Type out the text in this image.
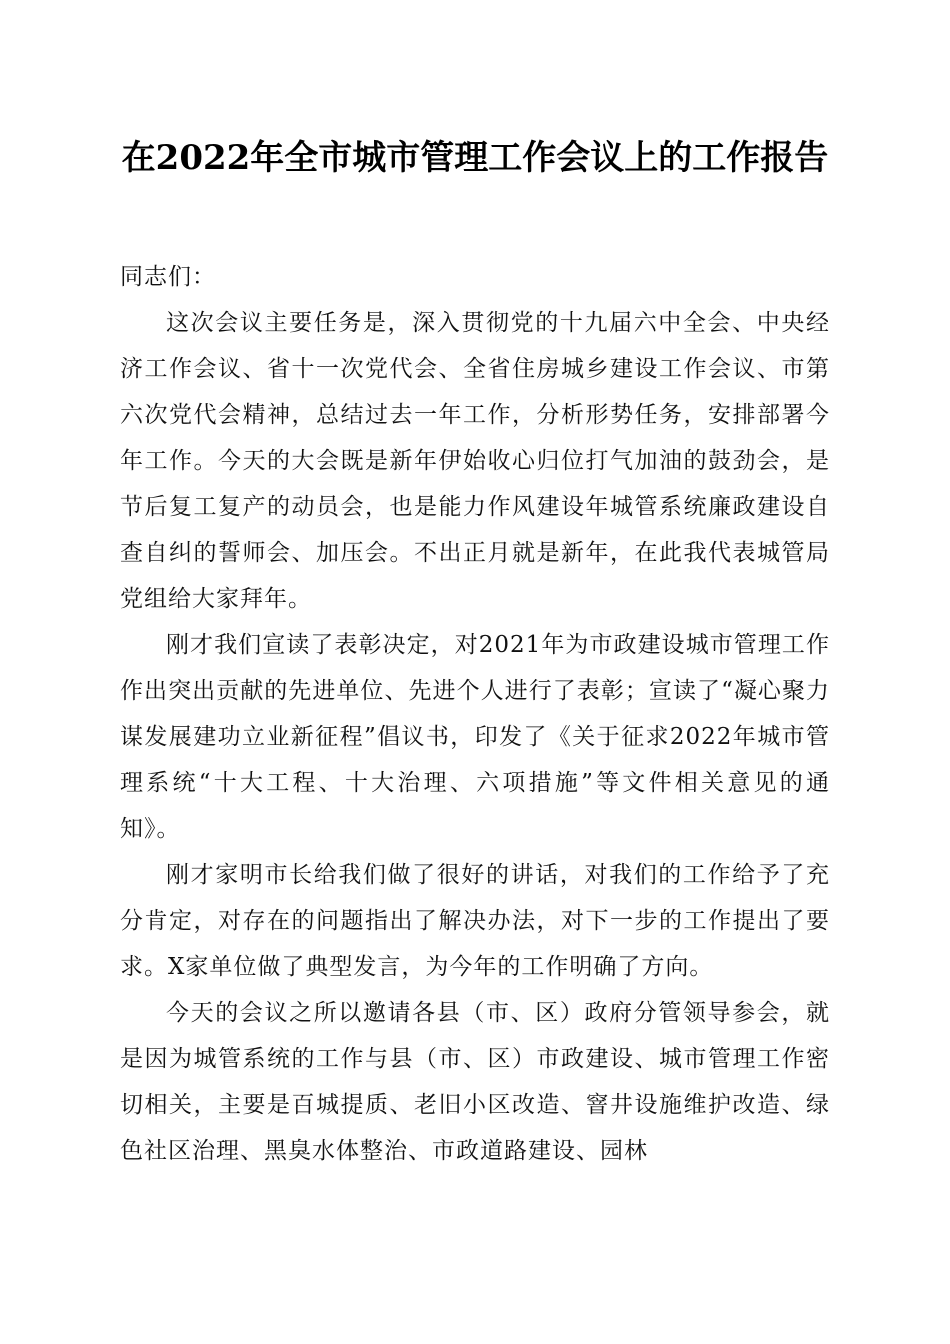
在2022年全市城市管理工作会议上的工作报告

同志们：

这次会议主要任务是，深入贯彻党的十九届六中全会、中央经济工作会议、省十一次党代会、全省住房城乡建设工作会议、市第六次党代会精神，总结过去一年工作，分析形势任务，安排部署今年工作。今天的大会既是新年伊始收心归位打气加油的鼓劲会，是节后复工复产的动员会，也是能力作风建设年城管系统廉政建设自查自纠的誓师会、加压会。不出正月就是新年，在此我代表城管局党组给大家拜年。

刚才我们宣读了表彰决定，对2021年为市政建设城市管理工作作出突出贡献的先进单位、先进个人进行了表彰；宣读了“凝心聚力谋发展建功立业新征程”倡议书，印发了《关于征求2022年城市管理系统“十大工程、十大治理、六项措施”等文件相关意见的通知》。

刚才家明市长给我们做了很好的讲话，对我们的工作给予了充分肯定，对存在的问题指出了解决办法，对下一步的工作提出了要求。X家单位做了典型发言，为今年的工作明确了方向。

今天的会议之所以邀请各县（市、区）政府分管领导参会，就是因为城管系统的工作与县（市、区）市政建设、城市管理工作密切相关，主要是百城提质、老旧小区改造、窨井设施维护改造、绿色社区治理、黑臭水体整治、市政道路建设、园林
